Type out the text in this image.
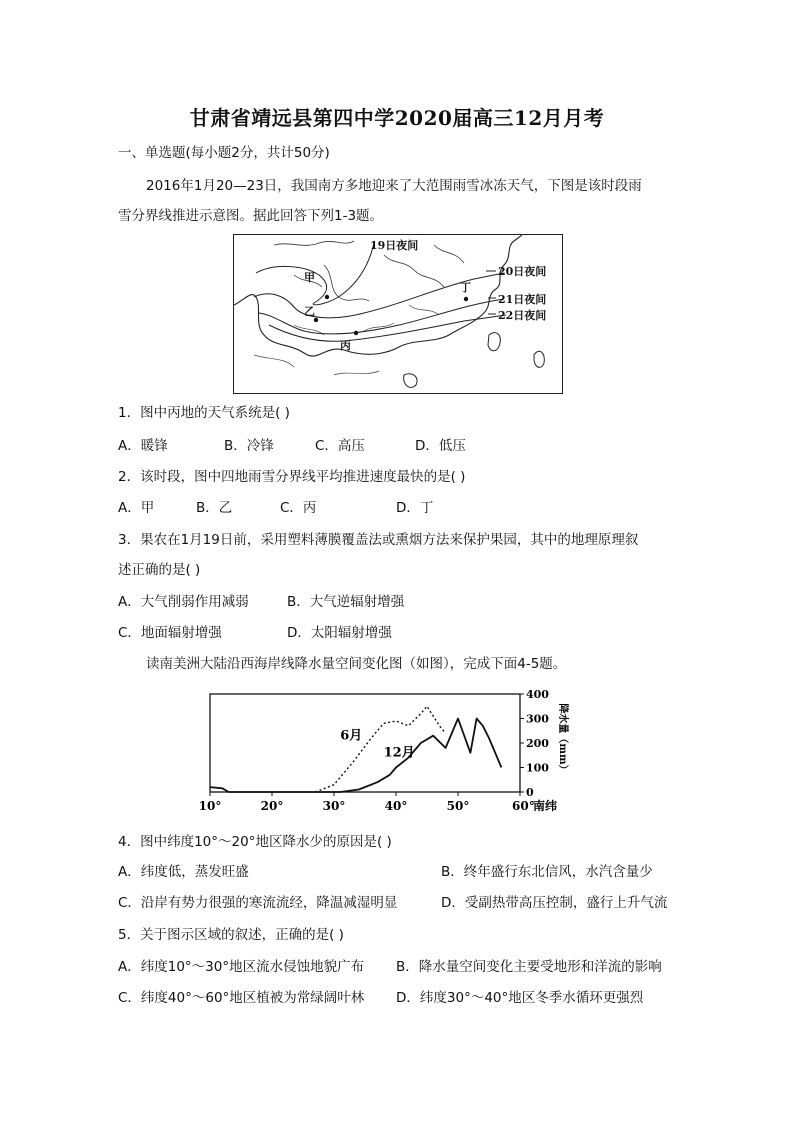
甘肃省靖远县第四中学2020届高三12月月考
一、单选题(每小题2分，共计50分)
2016年1月20—23日，我国南方多地迎来了大范围雨雪冰冻天气，下图是该时段雨
雪分界线推进示意图。据此回答下列1-3题。
19日夜间
20日夜间
21日夜间
22日夜间
甲
乙
丙
丁
1．图中丙地的天气系统是( )
A．暖锋	B．冷锋	C．高压	D．低压
2．该时段，图中四地雨雪分界线平均推进速度最快的是( )
A．甲	B．乙	C．丙	D．丁
3．果农在1月19日前，采用塑料薄膜覆盖法或熏烟方法来保护果园，其中的地理原理叙
述正确的是( )
A．大气削弱作用减弱	B．大气逆辐射增强
C．地面辐射增强	D．太阳辐射增强
读南美洲大陆沿西海岸线降水量空间变化图（如图），完成下面4-5题。
10°	20°	30°	40°	50°	60°
南纬
0
100
200
300
400
降水量（mm）
6月
12月
4．图中纬度10°～20°地区降水少的原因是( )
A．纬度低，蒸发旺盛	B．终年盛行东北信风，水汽含量少
C．沿岸有势力很强的寒流流经，降温减湿明显	D．受副热带高压控制，盛行上升气流
5．关于图示区域的叙述，正确的是( )
A．纬度10°～30°地区流水侵蚀地貌广布 B．降水量空间变化主要受地形和洋流的影响
C．纬度40°～60°地区植被为常绿阔叶林 D．纬度30°～40°地区冬季水循环更强烈
